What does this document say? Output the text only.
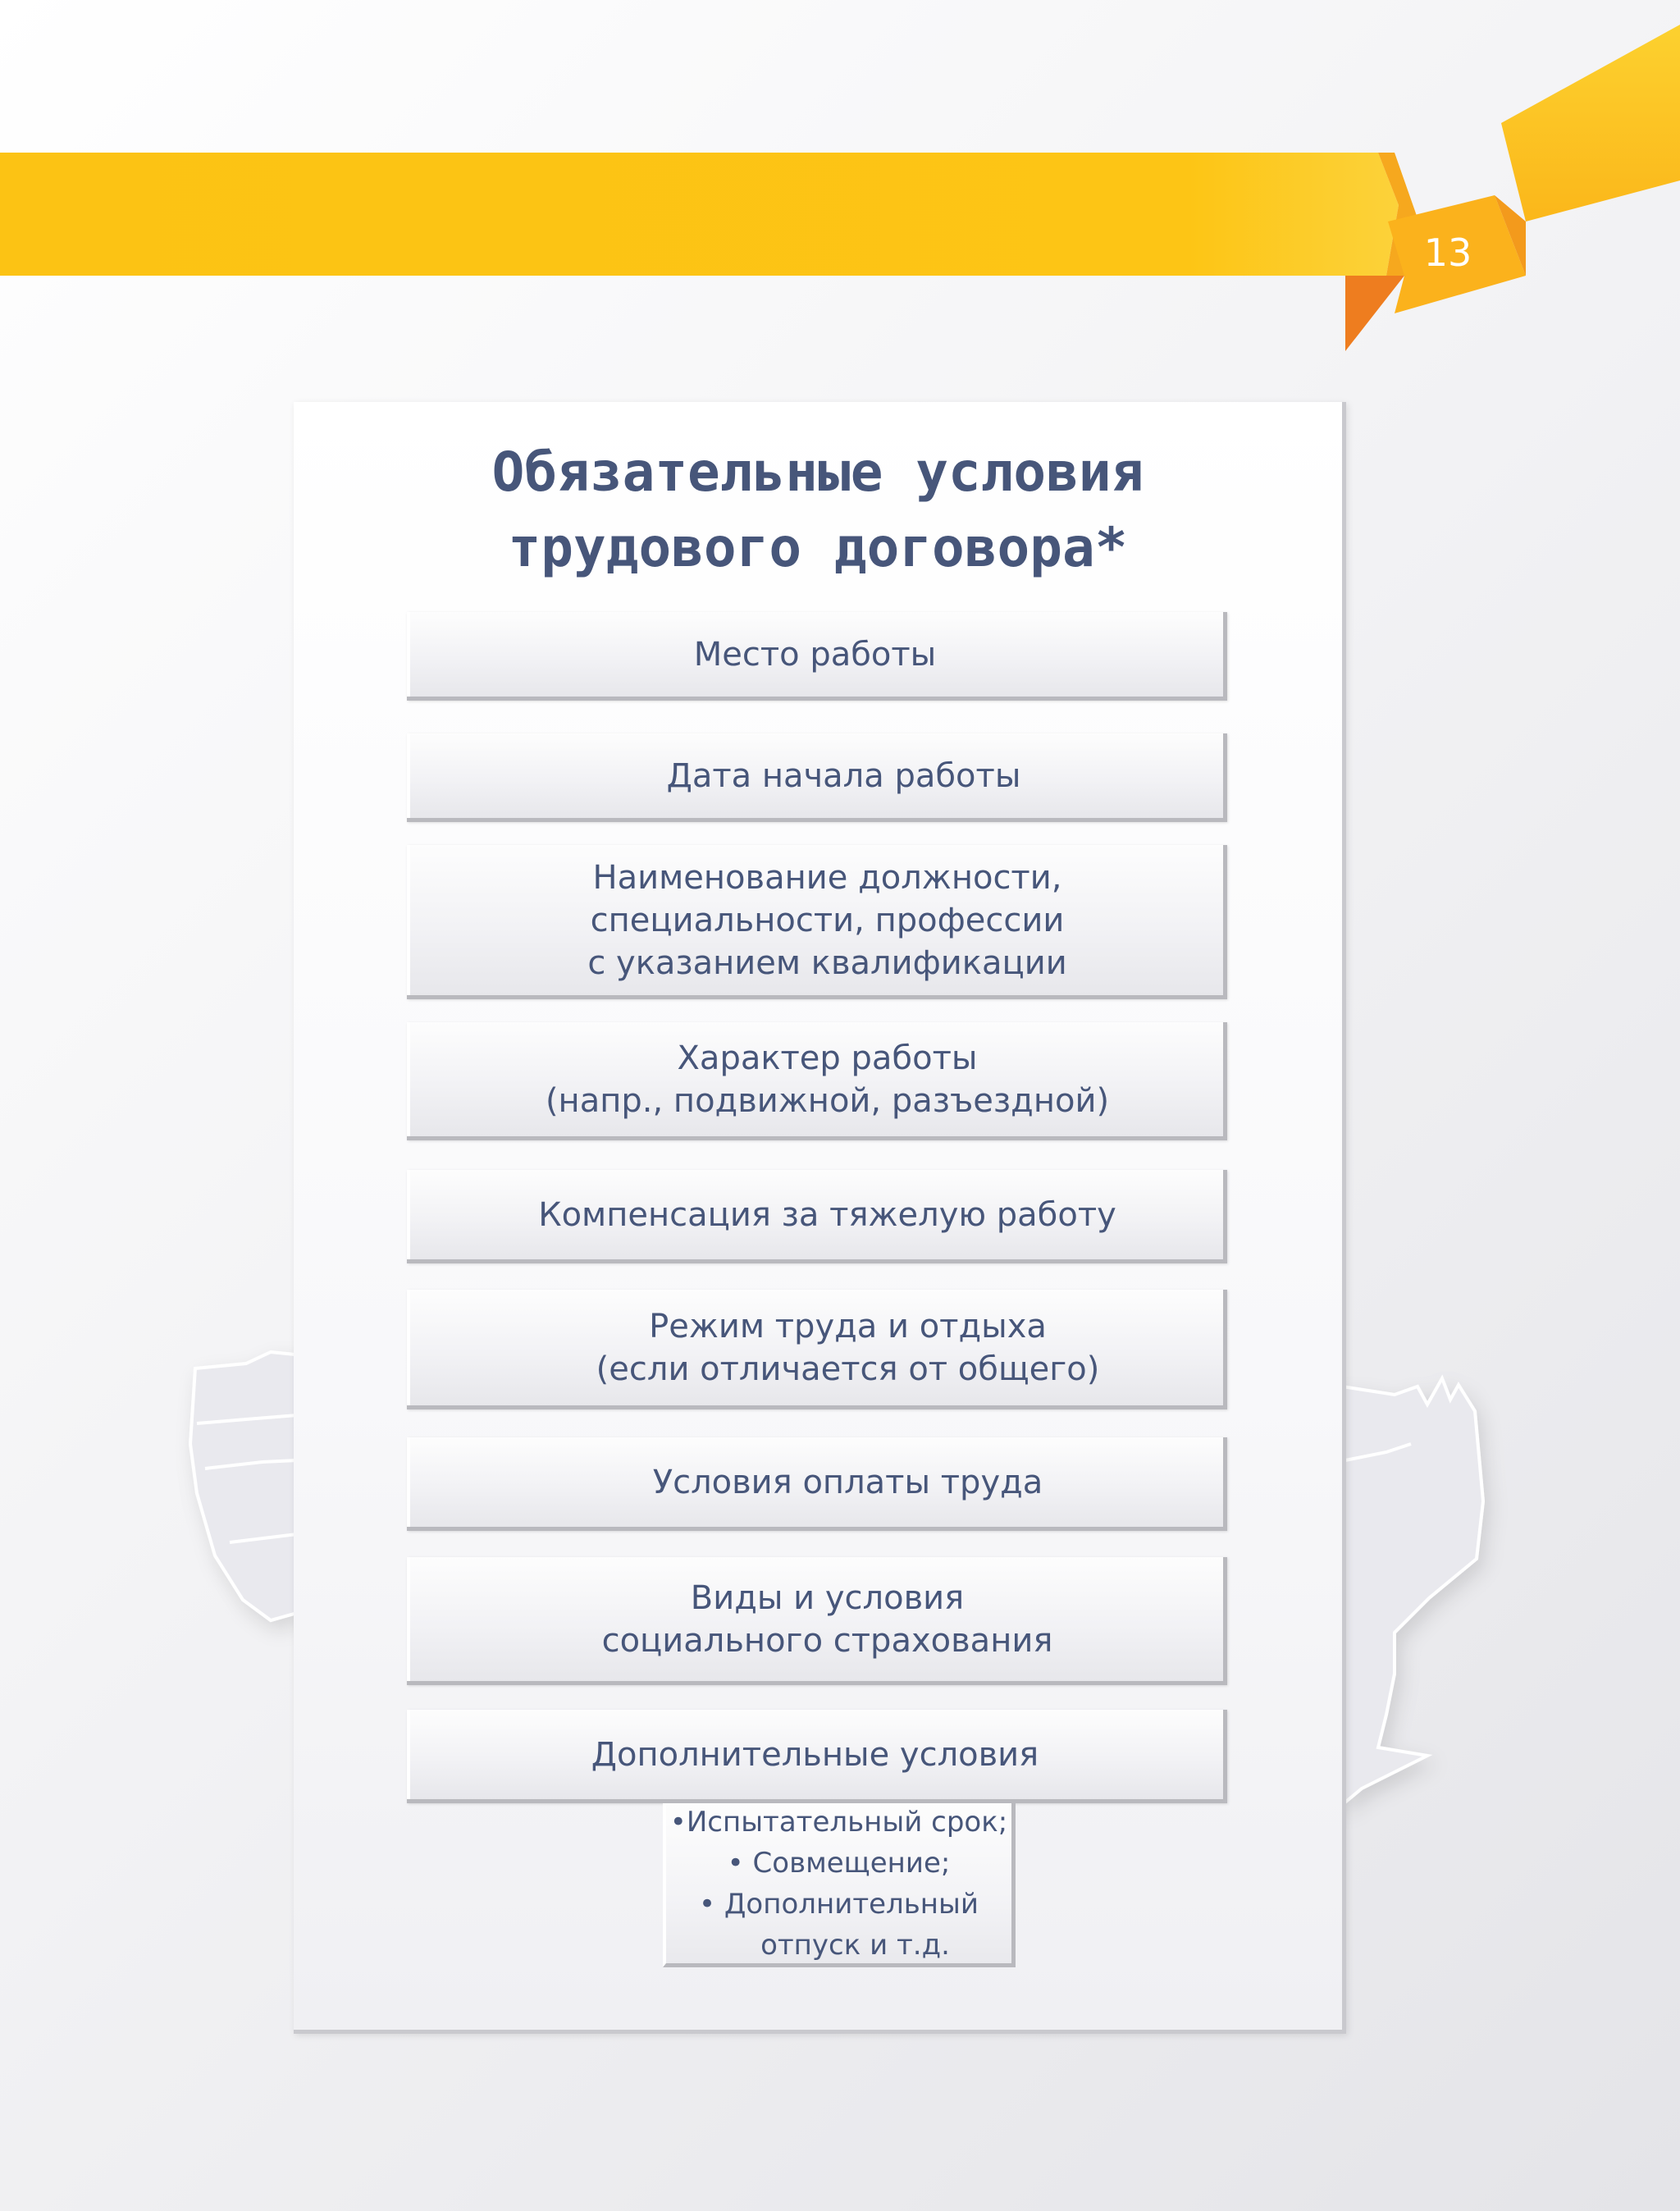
13
Обязательные условия
трудового договора*
Место работы
Дата начала работы
Наименование должности,
специальности, профессии
с указанием квалификации
Характер работы
(напр., подвижной, разъездной)
Компенсация за тяжелую работу
Режим труда и отдыха
(если отличается от общего)
Условия оплаты труда
Виды и условия
социального страхования
Дополнительные условия
•Испытательный срок;
• Совмещение;
• Дополнительный
отпуск и т.д.
